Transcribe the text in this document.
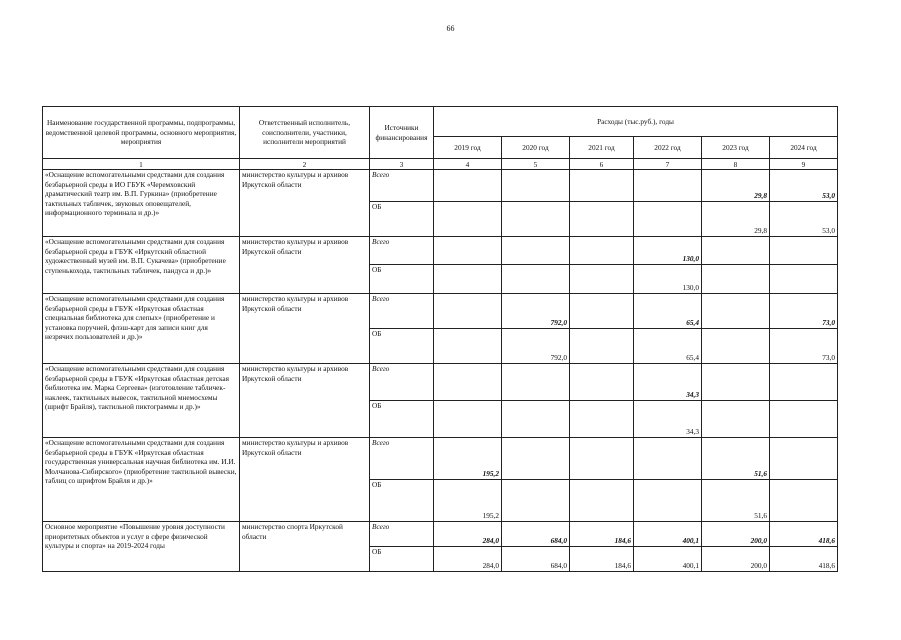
66
Наименование государственной программы, подпрограммы, ведомственной целевой программы, основного мероприятия, мероприятия	Ответственный исполнитель, соисполнители, участники, исполнители мероприятий	Источники финансирования	Расходы (тыс.руб.), годы					
			2019 год	2020 год	2021 год	2022 год	2023 год	2024 год
1	2	3	4	5	6	7	8	9
«Оснащение вспомогательными средствами для создания безбарьерной среды в ИО ГБУК «Черемховский драматический театр им. В.П. Гуркина» (приобретение тактильных табличек, звуковых оповещателей, информационного терминала и др.)»	министерство культуры и архивов Иркутской области	Всего					29,8	53,0
		ОБ					29,8	53,0
«Оснащение вспомогательными средствами для создания безбарьерной среды в ГБУК «Иркутский областной художественный музей им. В.П. Сукачева» (приобретение ступенькохода, тактильных табличек, пандуса и др.)»	министерство культуры и архивов Иркутской области	Всего				130,0		
		ОБ				130,0		
«Оснащение вспомогательными средствами для создания безбарьерной среды в ГБУК «Иркутская областная специальная библиотека для слепых» (приобретение и установка поручней, флэш-карт для записи книг для незрячих пользователей и др.)»	министерство культуры и архивов Иркутской области	Всего		792,0		65,4		73,0
		ОБ		792,0		65,4		73,0
«Оснащение вспомогательными средствами для создания безбарьерной среды в ГБУК «Иркутская областная детская библиотека им. Марка Сергеева» (изготовление табличек-наклеек, тактильных вывесок, тактильной мнемосхемы (шрифт Брайля), тактильной пиктограммы и др.)»	министерство культуры и архивов Иркутской области	Всего				34,3		
		ОБ				34,3		
«Оснащение вспомогательными средствами для создания безбарьерной среды в ГБУК «Иркутская областная государственная универсальная научная библиотека им. И.И. Молчанова-Сибирского» (приобретение тактильной вывески, таблиц со шрифтом Брайля и др.)»	министерство культуры и архивов Иркутской области	Всего	195,2				51,6	
		ОБ	195,2				51,6	
Основное мероприятие «Повышение уровня доступности приоритетных объектов и услуг в сфере физической культуры и спорта» на 2019-2024 годы	министерство спорта Иркутской области	Всего	284,0	684,0	184,6	400,1	200,0	418,6
		ОБ	284,0	684,0	184,6	400,1	200,0	418,6
